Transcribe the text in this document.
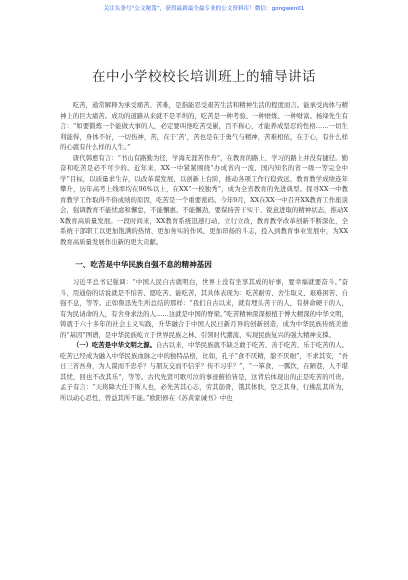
关注头条号“公文秘笈”，获得最新最全最专业的公文资料库！微信：gongwen01
在中小学校校长培训班上的辅导讲话

吃苦，通常解释为承受痛苦、苦难，是指能忍受艰苦生活和精神生活的程度而言。能承受肉体与精神上的巨大痛苦。成功的道路从来就不是平坦的，吃苦是一种考验、一种磨炼、一种财富。杨绛先生有言：“如要锻炼一个能做大事的人，必定要叫他吃苦受累，百不称心，才能养成坚忍的性格……一切生利能得，身体不好，一切伤神，苦，在于‘苦’，苦也是在于勇气与精神，苦难相依，在于心，有什么样的心就有什么样的人生。”

唐代韩愈有言：“书山有路勤为径，学海无涯苦作舟”，在教育的路上，学习的路上并没有捷径。勤奋和吃苦是必不可少的。近年来，XX一中紧紧围绕“办成省内一流、国内知名的省一级一等完全中学”目标，以质量求生存，以改革谋发展，以创新上台阶，推动各项工作行稳致远，教育教学成绩连年攀升，历年高考上线率均在96%以上，在XX“一校独秀”，成为全省教育的先进典型。探寻XX一中教育教学工作取得不俗成绩的原因，吃苦是一个重要密码。今年9月，XX在XX一中召开XX教育工作座谈会，强调教育不能忧虑和懈怠，不能懈惠、不能懈劲，要保持苦干实干、锐意进取的精神状态，推动XX教育高质量发展。一段时间来，XX教育系统迅速行动、立行立改，教育教学改革创新不断深化，全系统干部职工以更加饱满的热情、更加务实的作风、更加昂扬的斗志，投入到教育事业发展中，为XX教育高质量发展作出新的更大贡献。

一、吃苦是中华民族自强不息的精神基因

习近平总书记强调：“中国人民自古就明白，世界上没有坐享其成的好事，要幸福就要奋斗。”奋斗，用通俗的话说就是不怕苦、愿吃苦、能吃苦，其具体表现为：吃苦耐劳、舍生取义、艰难困苦、自强不息，等等。正如鲁迅先生所总结的那样：“我们自古以来，就有埋头苦干的人，有拼命硬干的人，有为民请命的人，有舍身求法的人……这就是中国的脊梁。”吃苦精神深深根植于博大精深的中华文明，铸就于六十多年的社会主义实践，升华融合于中国人民日新月异的创新创造，成为中华民族传统美德的“基因”图谱，是中华民族屹立于世界民族之林、引领时代潮流、实现民族复兴的强大精神支撑。

（一）吃苦是中华文明之源。自古以来，中华民族就不缺乏敢于吃苦、善于吃苦、乐于吃苦的人。吃苦已经成为融入中华民族血脉之中的独特品格，比如，孔子“食不厌精，脍不厌细”，不求其安，“吾日三省吾身，为人谋而不忠乎？与朋友交而不信乎？传不习乎？”，“一箪食，一瓢饮，在陋巷，人不堪其忧，回也不改其乐”，等等。古代先贤可歌可泣的事迹俯拾皆是，这背后体现出的正是吃苦的可贵。孟子有言：“天将降大任于斯人也，必先苦其心志，劳其筋骨，饿其体肤，空乏其身，行拂乱其所为，所以动心忍性，曾益其所不能。”欧阳修在《苏黄家诫书》中也
